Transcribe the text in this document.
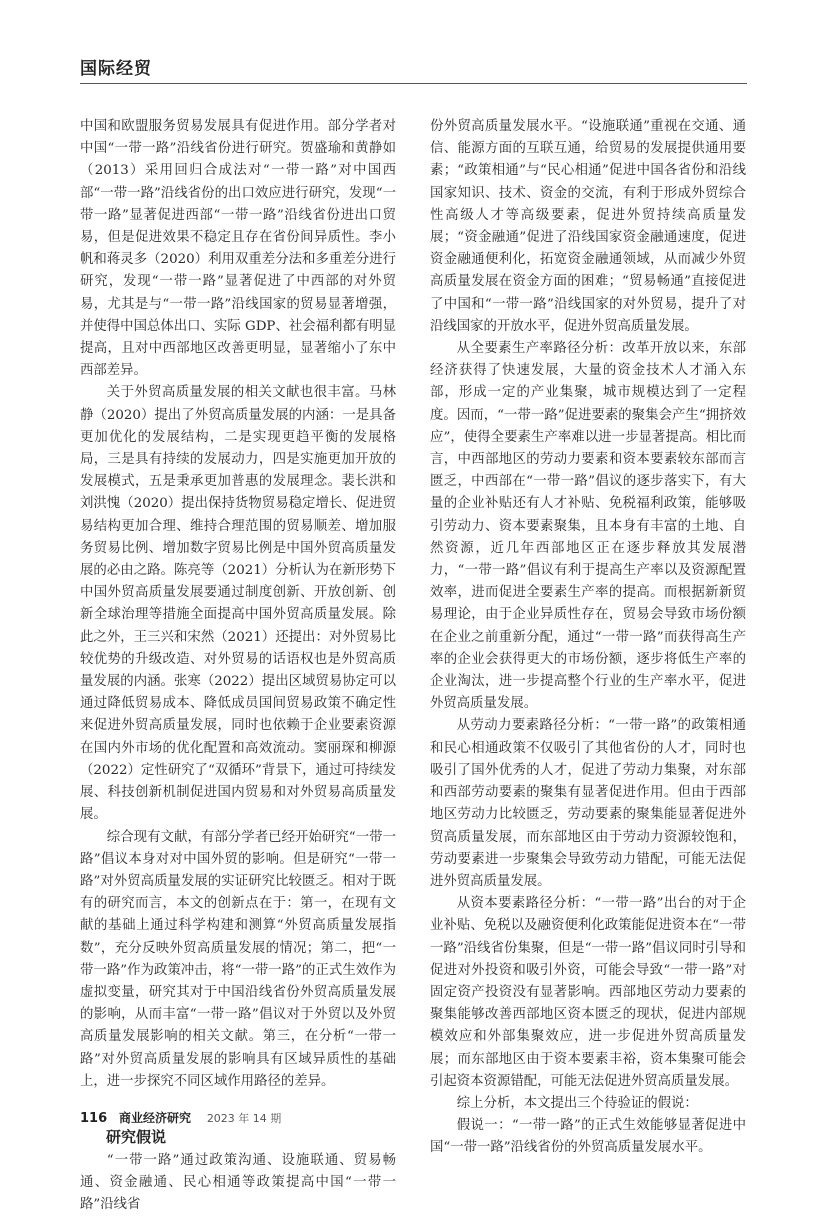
国际经贸

中国和欧盟服务贸易发展具有促进作用。部分学者对中国“一带一路”沿线省份进行研究。贺盛瑜和黄静如（2013）采用回归合成法对“一带一路”对中国西部“一带一路”沿线省份的出口效应进行研究，发现“一带一路”显著促进西部“一带一路”沿线省份进出口贸易，但是促进效果不稳定且存在省份间异质性。李小帆和蒋灵多（2020）利用双重差分法和多重差分进行研究，发现“一带一路”显著促进了中西部的对外贸易，尤其是与“一带一路”沿线国家的贸易显著增强，并使得中国总体出口、实际 GDP、社会福利都有明显提高，且对中西部地区改善更明显，显著缩小了东中西部差异。

关于外贸高质量发展的相关文献也很丰富。马林静（2020）提出了外贸高质量发展的内涵：一是具备更加优化的发展结构，二是实现更趋平衡的发展格局，三是具有持续的发展动力，四是实施更加开放的发展模式，五是秉承更加普惠的发展理念。裴长洪和刘洪愧（2020）提出保持货物贸易稳定增长、促进贸易结构更加合理、维持合理范围的贸易顺差、增加服务贸易比例、增加数字贸易比例是中国外贸高质量发展的必由之路。陈亮等（2021）分析认为在新形势下中国外贸高质量发展要通过制度创新、开放创新、创新全球治理等措施全面提高中国外贸高质量发展。除此之外，王三兴和宋然（2021）还提出：对外贸易比较优势的升级改造、对外贸易的话语权也是外贸高质量发展的内涵。张寒（2022）提出区域贸易协定可以通过降低贸易成本、降低成员国间贸易政策不确定性来促进外贸高质量发展，同时也依赖于企业要素资源在国内外市场的优化配置和高效流动。窦丽琛和柳源（2022）定性研究了“双循环”背景下，通过可持续发展、科技创新机制促进国内贸易和对外贸易高质量发展。

综合现有文献，有部分学者已经开始研究“一带一路”倡议本身对对中国外贸的影响。但是研究“一带一路”对外贸高质量发展的实证研究比较匮乏。相对于既有的研究而言，本文的创新点在于：第一，在现有文献的基础上通过科学构建和测算“外贸高质量发展指数”，充分反映外贸高质量发展的情况；第二，把“一带一路”作为政策冲击，将“一带一路”的正式生效作为虚拟变量，研究其对于中国沿线省份外贸高质量发展的影响，从而丰富“一带一路”倡议对于外贸以及外贸高质量发展影响的相关文献。第三，在分析“一带一路”对外贸高质量发展的影响具有区域异质性的基础上，进一步探究不同区域作用路径的差异。

研究假说

“一带一路”通过政策沟通、设施联通、贸易畅通、资金融通、民心相通等政策提高中国“一带一路”沿线省

份外贸高质量发展水平。“设施联通”重视在交通、通信、能源方面的互联互通，给贸易的发展提供通用要素；“政策相通”与“民心相通”促进中国各省份和沿线国家知识、技术、资金的交流，有利于形成外贸综合性高级人才等高级要素，促进外贸持续高质量发展；“资金融通”促进了沿线国家资金融通速度，促进资金融通便利化，拓宽资金融通领域，从而减少外贸高质量发展在资金方面的困难；“贸易畅通”直接促进了中国和“一带一路”沿线国家的对外贸易，提升了对沿线国家的开放水平，促进外贸高质量发展。

从全要素生产率路径分析：改革开放以来，东部经济获得了快速发展，大量的资金技术人才涌入东部，形成一定的产业集聚，城市规模达到了一定程度。因而，“一带一路”促进要素的聚集会产生“拥挤效应”，使得全要素生产率难以进一步显著提高。相比而言，中西部地区的劳动力要素和资本要素较东部而言匮乏，中西部在“一带一路”倡议的逐步落实下，有大量的企业补贴还有人才补贴、免税福利政策，能够吸引劳动力、资本要素聚集，且本身有丰富的土地、自然资源，近几年西部地区正在逐步释放其发展潜力，“一带一路”倡议有利于提高生产率以及资源配置效率，进而促进全要素生产率的提高。而根据新新贸易理论，由于企业异质性存在，贸易会导致市场份额在企业之前重新分配，通过“一带一路”而获得高生产率的企业会获得更大的市场份额，逐步将低生产率的企业淘汰，进一步提高整个行业的生产率水平，促进外贸高质量发展。

从劳动力要素路径分析：“一带一路”的政策相通和民心相通政策不仅吸引了其他省份的人才，同时也吸引了国外优秀的人才，促进了劳动力集聚，对东部和西部劳动要素的聚集有显著促进作用。但由于西部地区劳动力比较匮乏，劳动要素的聚集能显著促进外贸高质量发展，而东部地区由于劳动力资源较饱和，劳动要素进一步聚集会导致劳动力错配，可能无法促进外贸高质量发展。

从资本要素路径分析：“一带一路”出台的对于企业补贴、免税以及融资便利化政策能促进资本在“一带一路”沿线省份集聚，但是“一带一路”倡议同时引导和促进对外投资和吸引外资，可能会导致“一带一路”对固定资产投资没有显著影响。西部地区劳动力要素的聚集能够改善西部地区资本匮乏的现状，促进内部规模效应和外部集聚效应，进一步促进外贸高质量发展；而东部地区由于资本要素丰裕，资本集聚可能会引起资本资源错配，可能无法促进外贸高质量发展。

综上分析，本文提出三个待验证的假说：

假说一：“一带一路”的正式生效能够显著促进中国“一带一路”沿线省份的外贸高质量发展水平。

116 商业经济研究 2023 年 14 期
